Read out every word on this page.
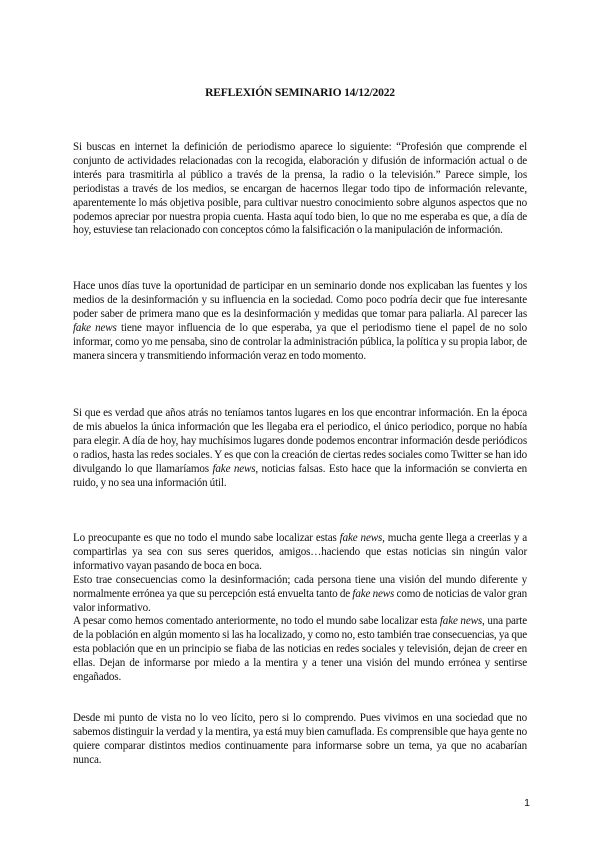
REFLEXIÓN SEMINARIO 14/12/2022

Si buscas en internet la definición de periodismo aparece lo siguiente: “Profesión que comprende el conjunto de actividades relacionadas con la recogida, elaboración y difusión de información actual o de interés para trasmitirla al público a través de la prensa, la radio o la televisión.” Parece simple, los periodistas a través de los medios, se encargan de hacernos llegar todo tipo de información relevante, aparentemente lo más objetiva posible, para cultivar nuestro conocimiento sobre algunos aspectos que no podemos apreciar por nuestra propia cuenta. Hasta aquí todo bien, lo que no me esperaba es que, a día de hoy, estuviese tan relacionado con conceptos cómo la falsificación o la manipulación de información.

Hace unos días tuve la oportunidad de participar en un seminario donde nos explicaban las fuentes y los medios de la desinformación y su influencia en la sociedad. Como poco podría decir que fue interesante poder saber de primera mano que es la desinformación y medidas que tomar para paliarla. Al parecer las fake news tiene mayor influencia de lo que esperaba, ya que el periodismo tiene el papel de no solo informar, como yo me pensaba, sino de controlar la administración pública, la política y su propia labor, de manera sincera y transmitiendo información veraz en todo momento.

Si que es verdad que años atrás no teníamos tantos lugares en los que encontrar información. En la época de mis abuelos la única información que les llegaba era el periodico, el único periodico, porque no había para elegir. A día de hoy, hay muchísimos lugares donde podemos encontrar información desde periódicos o radios, hasta las redes sociales. Y es que con la creación de ciertas redes sociales como Twitter se han ido divulgando lo que llamaríamos fake news, noticias falsas. Esto hace que la información se convierta en ruido, y no sea una información útil.

Lo preocupante es que no todo el mundo sabe localizar estas fake news, mucha gente llega a creerlas y a compartirlas ya sea con sus seres queridos, amigos…haciendo que estas noticias sin ningún valor informativo vayan pasando de boca en boca.

Esto trae consecuencias como la desinformación; cada persona tiene una visión del mundo diferente y normalmente errónea ya que su percepción está envuelta tanto de fake news como de noticias de valor gran valor informativo.

A pesar como hemos comentado anteriormente, no todo el mundo sabe localizar esta fake news, una parte de la población en algún momento si las ha localizado, y como no, esto también trae consecuencias, ya que esta población que en un principio se fiaba de las noticias en redes sociales y televisión, dejan de creer en ellas. Dejan de informarse por miedo a la mentira y a tener una visión del mundo errónea y sentirse engañados.

Desde mi punto de vista no lo veo lícito, pero si lo comprendo. Pues vivimos en una sociedad que no sabemos distinguir la verdad y la mentira, ya está muy bien camuflada. Es comprensible que haya gente no quiere comparar distintos medios continuamente para informarse sobre un tema, ya que no acabarían nunca.

1
